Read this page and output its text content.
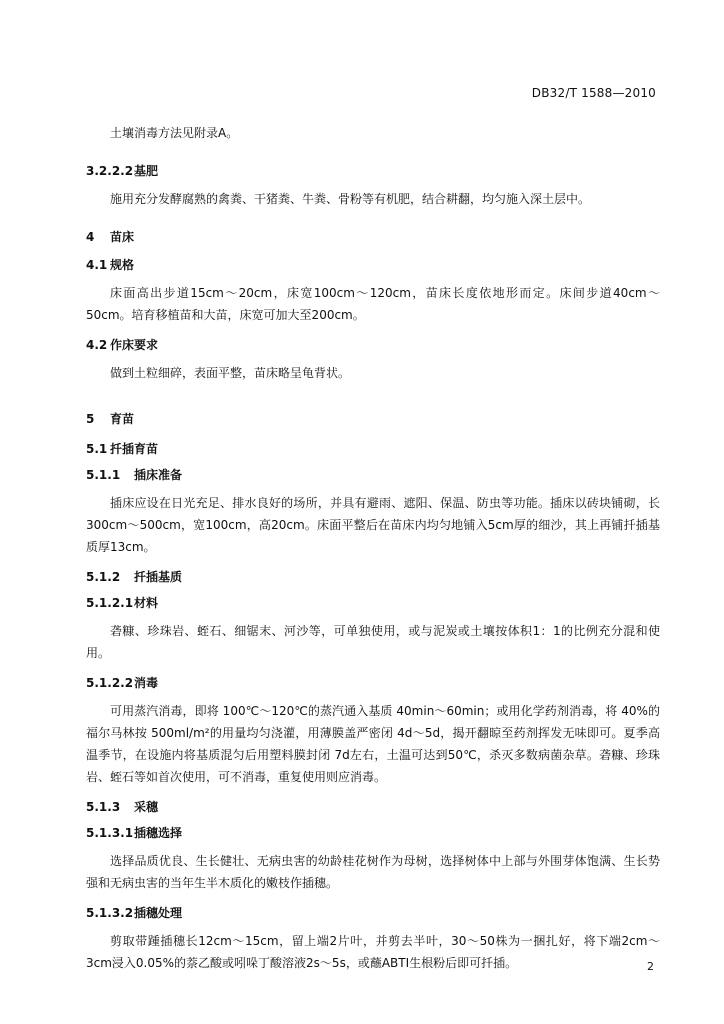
DB32/T 1588—2010

土壤消毒方法见附录A。

3.2.2.2基肥

施用充分发酵腐熟的禽粪、干猪粪、牛粪、骨粉等有机肥，结合耕翻，均匀施入深土层中。

4 苗床
4.1 规格

床面高出步道15cm～20cm，床宽100cm～120cm，苗床长度依地形而定。床间步道40cm～50cm。培育移植苗和大苗，床宽可加大至200cm。

4.2 作床要求

做到土粒细碎，表面平整，苗床略呈龟背状。

5 育苗
5.1 扦插育苗
5.1.1 插床准备

插床应设在日光充足、排水良好的场所，并具有避雨、遮阳、保温、防虫等功能。插床以砖块铺砌，长300cm～500cm，宽100cm，高20cm。床面平整后在苗床内均匀地铺入5cm厚的细沙，其上再铺扦插基质厚13cm。

5.1.2 扦插基质
5.1.2.1材料

砻糠、珍珠岩、蛭石、细锯末、河沙等，可单独使用，或与泥炭或土壤按体积1：1的比例充分混和使用。

5.1.2.2消毒

可用蒸汽消毒，即将 100℃～120℃的蒸汽通入基质 40min～60min；或用化学药剂消毒，将 40%的福尔马林按 500ml/m²的用量均匀浇灌，用薄膜盖严密闭 4d～5d，揭开翻晾至药剂挥发无味即可。夏季高温季节，在设施内将基质混匀后用塑料膜封闭 7d左右，土温可达到50℃，杀灭多数病菌杂草。砻糠、珍珠岩、蛭石等如首次使用，可不消毒，重复使用则应消毒。

5.1.3 采穗
5.1.3.1插穗选择

选择品质优良、生长健壮、无病虫害的幼龄桂花树作为母树，选择树体中上部与外围芽体饱满、生长势强和无病虫害的当年生半木质化的嫩枝作插穗。

5.1.3.2插穗处理

剪取带踵插穗长12cm～15cm，留上端2片叶，并剪去半叶，30～50株为一捆扎好，将下端2cm～3cm浸入0.05%的萘乙酸或吲哚丁酸溶液2s～5s，或蘸ABTⅠ生根粉后即可扦插。	2
